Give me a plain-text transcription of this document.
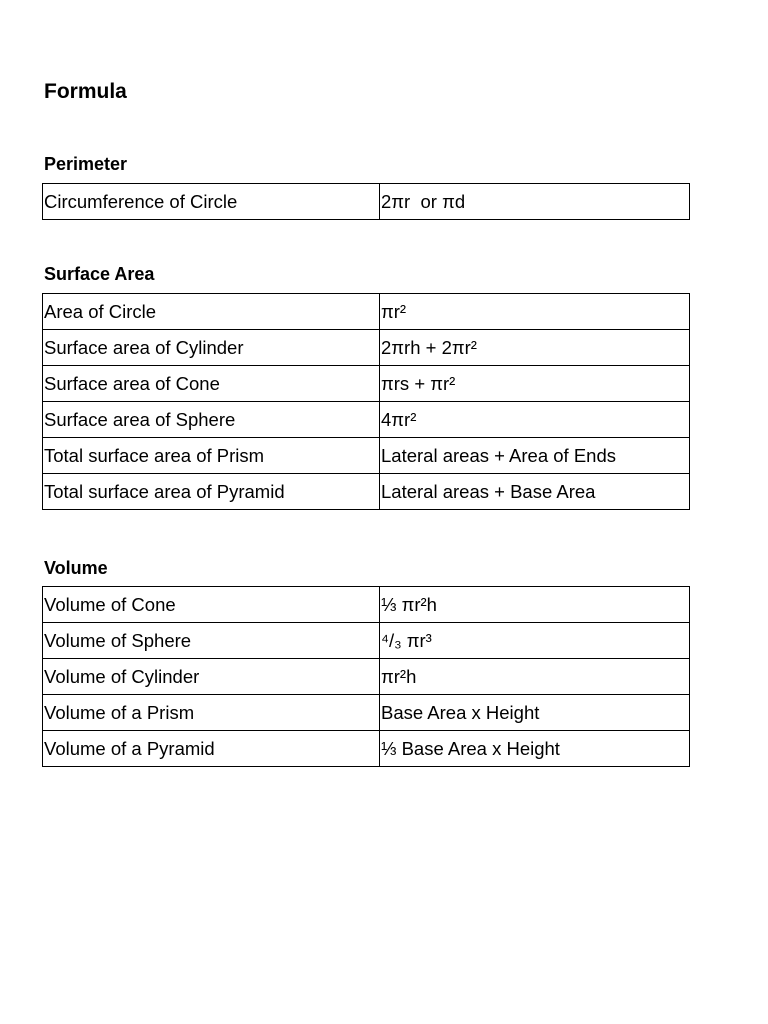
Formula
Perimeter
Circumference of Circle	2πr  or πd
Surface Area
Area of Circle	πr²
Surface area of Cylinder	2πrh + 2πr²
Surface area of Cone	πrs + πr²
Surface area of Sphere	4πr²
Total surface area of Prism	Lateral areas + Area of Ends
Total surface area of Pyramid	Lateral areas + Base Area
Volume
Volume of Cone	⅓ πr²h
Volume of Sphere	⁴/₃ πr³
Volume of Cylinder	πr²h
Volume of a Prism	Base Area x Height
Volume of a Pyramid	⅓ Base Area x Height
